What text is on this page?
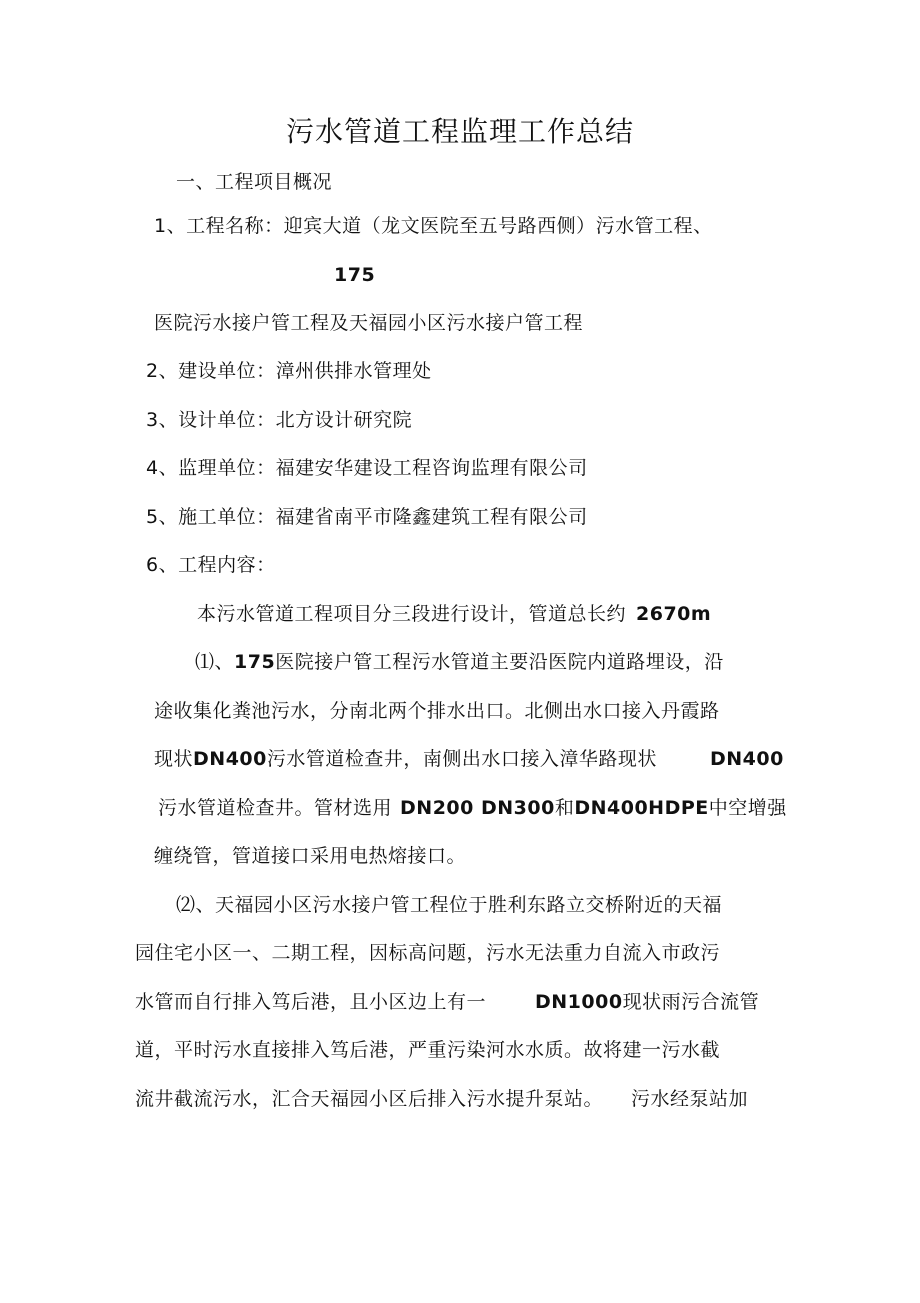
污水管道工程监理工作总结
一、工程项目概况
1、工程名称：迎宾大道（龙文医院至五号路西侧）污水管工程、
175
医院污水接户管工程及天福园小区污水接户管工程
2、建设单位：漳州供排水管理处
3、设计单位：北方设计研究院
4、监理单位：福建安华建设工程咨询监理有限公司
5、施工单位：福建省南平市隆鑫建筑工程有限公司
6、工程内容：
本污水管道工程项目分三段进行设计，管道总长约 2670m
⑴、175医院接户管工程污水管道主要沿医院内道路埋设，沿
途收集化粪池污水，分南北两个排水出口。北侧出水口接入丹霞路
现状DN400污水管道检查井，南侧出水口接入漳华路现状	DN400
污水管道检查井。管材选用 DN200 DN300和DN400HDPE中空增强
缠绕管，管道接口采用电热熔接口。
⑵、天福园小区污水接户管工程位于胜利东路立交桥附近的天福
园住宅小区一、二期工程，因标高问题，污水无法重力自流入市政污
水管而自行排入笃后港，且小区边上有一	DN1000现状雨污合流管
道，平时污水直接排入笃后港，严重污染河水水质。故将建一污水截
流井截流污水，汇合天福园小区后排入污水提升泵站。 污水经泵站加
